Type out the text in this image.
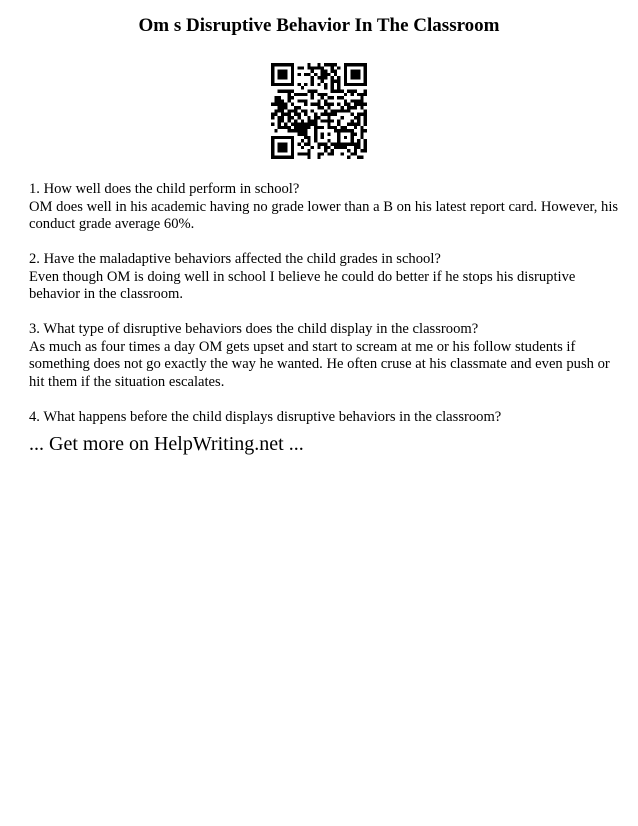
Om s Disruptive Behavior In The Classroom

1. How well does the child perform in school?

OM does well in his academic having no grade lower than a B on his latest report card. However, his conduct grade average 60%.

2. Have the maladaptive behaviors affected the child grades in school?

Even though OM is doing well in school I believe he could do better if he stops his disruptive behavior in the classroom.

3. What type of disruptive behaviors does the child display in the classroom?

As much as four times a day OM gets upset and start to scream at me or his follow students if something does not go exactly the way he wanted. He often cruse at his classmate and even push or hit them if the situation escalates.

4. What happens before the child displays disruptive behaviors in the classroom?

... Get more on HelpWriting.net ...
